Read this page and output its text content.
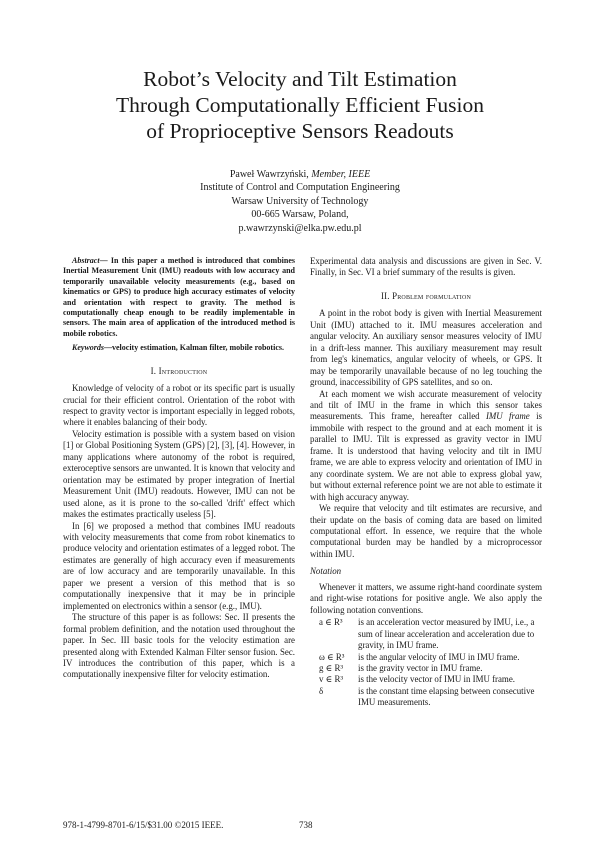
Robot’s Velocity and Tilt Estimation
Through Computationally Efficient Fusion
of Proprioceptive Sensors Readouts
Paweł Wawrzyński, Member, IEEE
Institute of Control and Computation Engineering
Warsaw University of Technology
00-665 Warsaw, Poland,
p.wawrzynski@elka.pw.edu.pl

Abstract— In this paper a method is introduced that combines Inertial Measurement Unit (IMU) readouts with low accuracy and temporarily unavailable velocity measurements (e.g., based on kinematics or GPS) to produce high accuracy estimates of velocity and orientation with respect to gravity. The method is computationally cheap enough to be readily implementable in sensors. The main area of application of the introduced method is mobile robotics.

Keywords—velocity estimation, Kalman filter, mobile robotics.

I. Introduction

Knowledge of velocity of a robot or its specific part is usually crucial for their efficient control. Orientation of the robot with respect to gravity vector is important especially in legged robots, where it enables balancing of their body.

Velocity estimation is possible with a system based on vision [1] or Global Positioning System (GPS) [2], [3], [4]. However, in many applications where autonomy of the robot is required, exteroceptive sensors are unwanted. It is known that velocity and orientation may be estimated by proper integration of Inertial Measurement Unit (IMU) readouts. However, IMU can not be used alone, as it is prone to the so-called 'drift' effect which makes the estimates practically useless [5].

In [6] we proposed a method that combines IMU readouts with velocity measurements that come from robot kinematics to produce velocity and orientation estimates of a legged robot. The estimates are generally of high accuracy even if measurements are of low accuracy and are temporarily unavailable. In this paper we present a version of this method that is so computationally inexpensive that it may be in principle implemented on electronics within a sensor (e.g., IMU).

The structure of this paper is as follows: Sec. II presents the formal problem definition, and the notation used throughout the paper. In Sec. III basic tools for the velocity estimation are presented along with Extended Kalman Filter sensor fusion. Sec. IV introduces the contribution of this paper, which is a computationally inexpensive filter for velocity estimation.

Experimental data analysis and discussions are given in Sec. V. Finally, in Sec. VI a brief summary of the results is given.

II. Problem formulation

A point in the robot body is given with Inertial Measurement Unit (IMU) attached to it. IMU measures acceleration and angular velocity. An auxiliary sensor measures velocity of IMU in a drift-less manner. This auxiliary measurement may result from leg's kinematics, angular velocity of wheels, or GPS. It may be temporarily unavailable because of no leg touching the ground, inaccessibility of GPS satellites, and so on.

At each moment we wish accurate measurement of velocity and tilt of IMU in the frame in which this sensor takes measurements. This frame, hereafter called IMU frame is immobile with respect to the ground and at each moment it is parallel to IMU. Tilt is expressed as gravity vector in IMU frame. It is understood that having velocity and tilt in IMU frame, we are able to express velocity and orientation of IMU in any coordinate system. We are not able to express global yaw, but without external reference point we are not able to estimate it with high accuracy anyway.

We require that velocity and tilt estimates are recursive, and their update on the basis of coming data are based on limited computational effort. In essence, we require that the whole computational burden may be handled by a microprocessor within IMU.

Notation

Whenever it matters, we assume right-hand coordinate system and right-wise rotations for positive angle. We also apply the following notation conventions.

a ∈ R³	is an acceleration vector measured by IMU, i.e., a sum of linear acceleration and acceleration due to gravity, in IMU frame.
ω ∈ R³	is the angular velocity of IMU in IMU frame.
g ∈ R³	is the gravity vector in IMU frame.
v ∈ R³	is the velocity vector of IMU in IMU frame.
δ	is the constant time elapsing between consecutive IMU measurements.
978-1-4799-8701-6/15/$31.00 ©2015 IEEE.	738
